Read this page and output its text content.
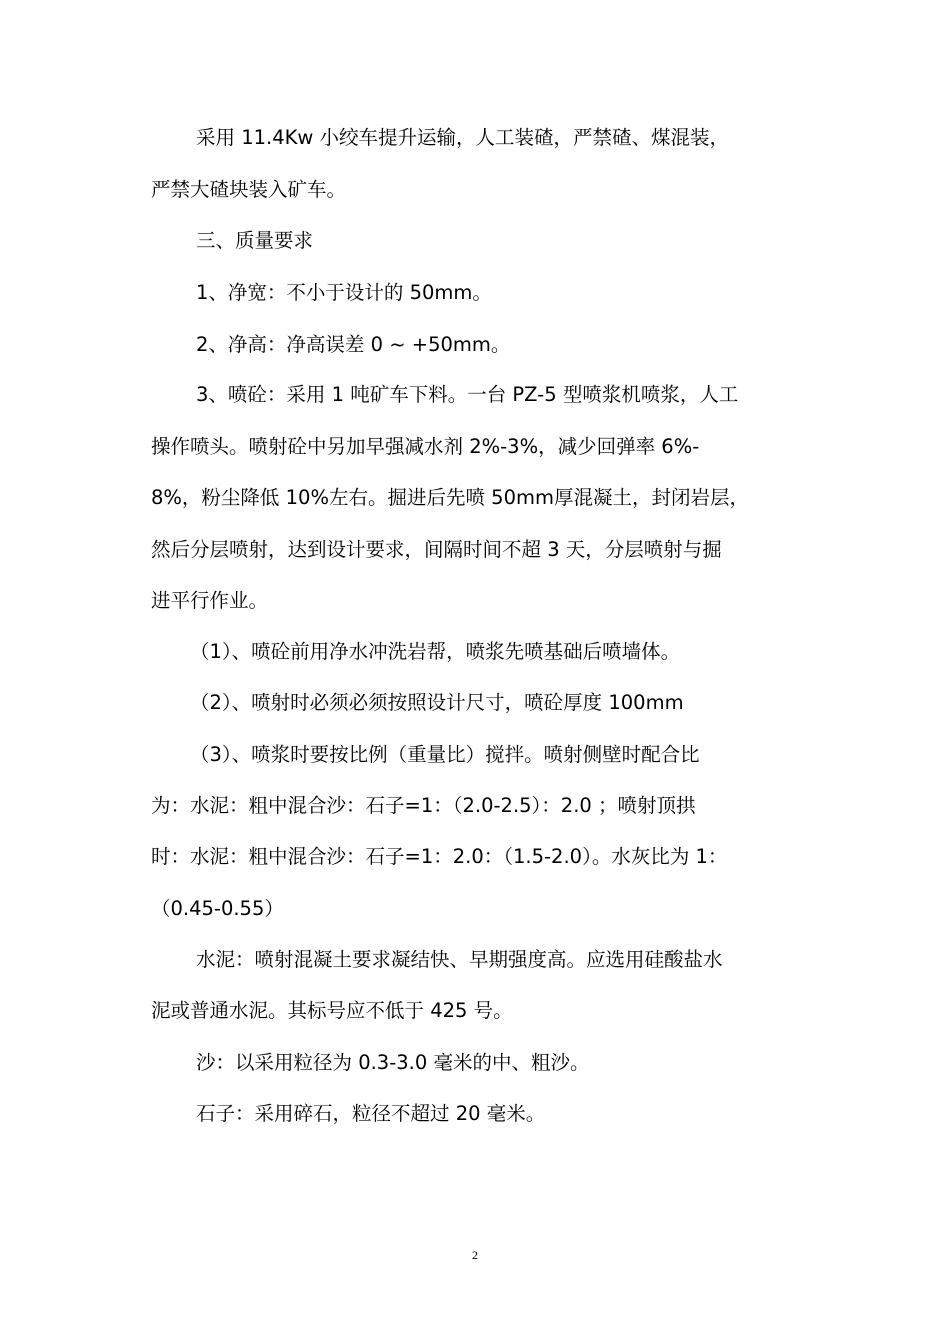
采用 11.4Kw 小绞车提升运输，人工装碴，严禁碴、煤混装，
严禁大碴块装入矿车。
三、质量要求
1、净宽：不小于设计的 50mm。
2、净高：净高误差 0 ~ +50mm。
3、喷砼：采用 1 吨矿车下料。一台 PZ-5 型喷浆机喷浆，人工
操作喷头。喷射砼中另加早强减水剂 2%-3%，减少回弹率 6%-
8%，粉尘降低 10%左右。掘进后先喷 50mm厚混凝土，封闭岩层，
然后分层喷射，达到设计要求，间隔时间不超 3 天，分层喷射与掘
进平行作业。
（1）、喷砼前用净水冲洗岩帮，喷浆先喷基础后喷墙体。
（2）、喷射时必须必须按照设计尺寸，喷砼厚度 100mm
（3）、喷浆时要按比例（重量比）搅拌。喷射侧壁时配合比
为：水泥：粗中混合沙：石子=1：（2.0-2.5）：2.0 ；喷射顶拱
时：水泥：粗中混合沙：石子=1：2.0：（1.5-2.0）。水灰比为 1：
（0.45-0.55）
水泥：喷射混凝土要求凝结快、早期强度高。应选用硅酸盐水
泥或普通水泥。其标号应不低于 425 号。
沙：以采用粒径为 0.3-3.0 毫米的中、粗沙。
石子：采用碎石，粒径不超过 20 毫米。
2
